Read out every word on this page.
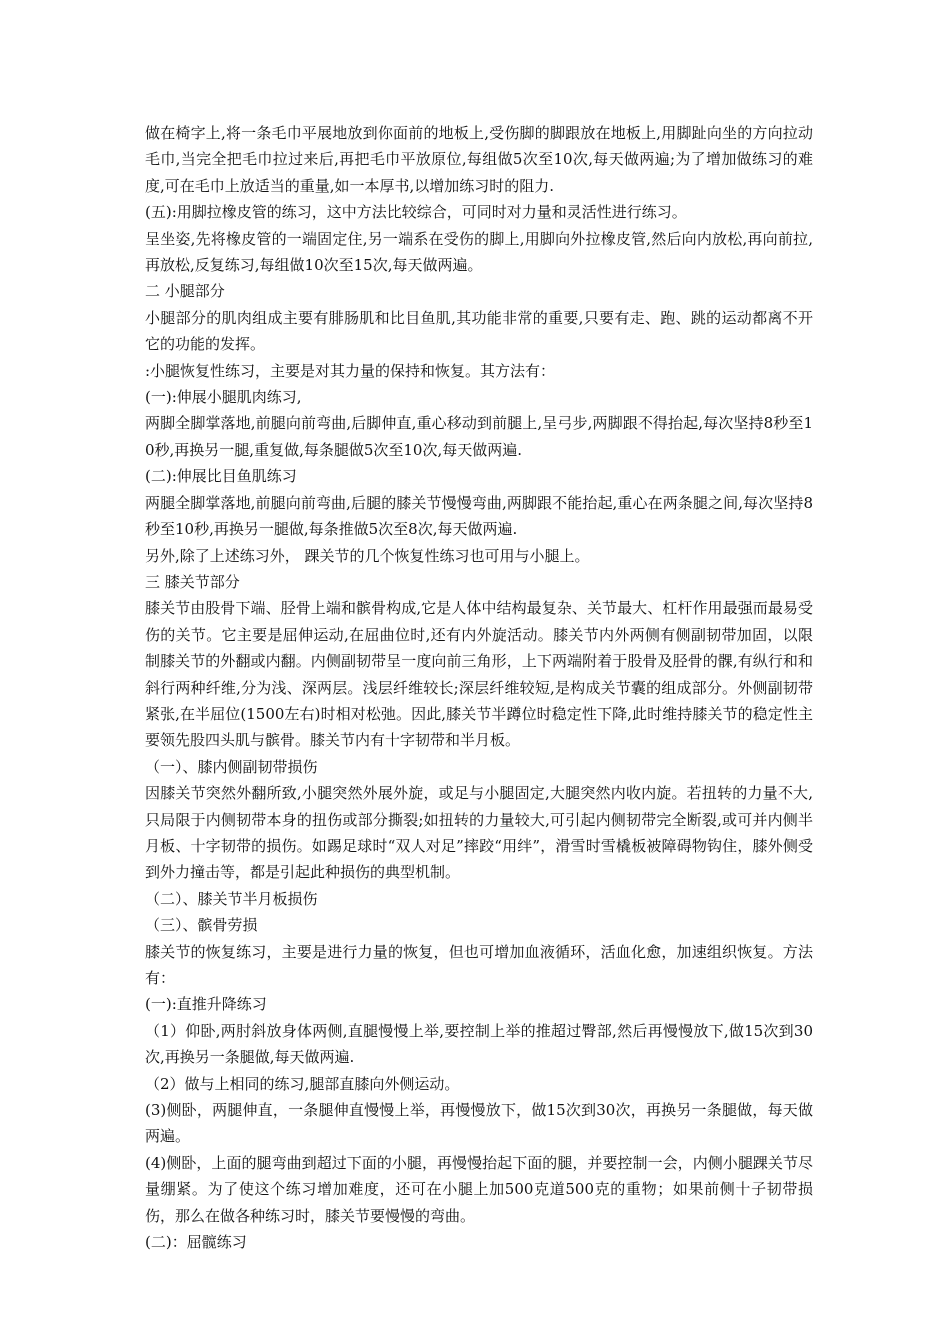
做在椅字上,将一条毛巾平展地放到你面前的地板上,受伤脚的脚跟放在地板上,用脚趾向坐的方向拉动毛巾,当完全把毛巾拉过来后,再把毛巾平放原位,每组做5次至10次,每天做两遍;为了增加做练习的难度,可在毛巾上放适当的重量,如一本厚书,以增加练习时的阻力.

(五):用脚拉橡皮管的练习，这中方法比较综合，可同时对力量和灵活性进行练习。

呈坐姿,先将橡皮管的一端固定住,另一端系在受伤的脚上,用脚向外拉橡皮管,然后向内放松,再向前拉,再放松,反复练习,每组做10次至15次,每天做两遍。

二 小腿部分

小腿部分的肌肉组成主要有腓肠肌和比目鱼肌,其功能非常的重要,只要有走、跑、跳的运动都离不开它的功能的发挥。

:小腿恢复性练习，主要是对其力量的保持和恢复。其方法有：

(一):伸展小腿肌肉练习,

两脚全脚掌落地,前腿向前弯曲,后脚伸直,重心移动到前腿上,呈弓步,两脚跟不得抬起,每次坚持8秒至10秒,再换另一腿,重复做,每条腿做5次至10次,每天做两遍.

(二):伸展比目鱼肌练习

两腿全脚掌落地,前腿向前弯曲,后腿的膝关节慢慢弯曲,两脚跟不能抬起,重心在两条腿之间,每次坚持8秒至10秒,再换另一腿做,每条推做5次至8次,每天做两遍.

另外,除了上述练习外， 踝关节的几个恢复性练习也可用与小腿上。

三 膝关节部分

膝关节由股骨下端、胫骨上端和髌骨构成,它是人体中结构最复杂、关节最大、杠杆作用最强而最易受伤的关节。它主要是屈伸运动,在屈曲位时,还有内外旋活动。膝关节内外两侧有侧副韧带加固，以限制膝关节的外翻或内翻。内侧副韧带呈一度向前三角形，上下两端附着于股骨及胫骨的髁,有纵行和和斜行两种纤维,分为浅、深两层。浅层纤维较长;深层纤维较短,是构成关节囊的组成部分。外侧副韧带紧张,在半屈位(1500左右)时相对松弛。因此,膝关节半蹲位时稳定性下降,此时维持膝关节的稳定性主要领先股四头肌与髌骨。膝关节内有十字韧带和半月板。

（一）、膝内侧副韧带损伤

因膝关节突然外翻所致,小腿突然外展外旋，或足与小腿固定,大腿突然内收内旋。若扭转的力量不大,只局限于内侧韧带本身的扭伤或部分撕裂;如扭转的力量较大,可引起内侧韧带完全断裂,或可并内侧半月板、十字韧带的损伤。如踢足球时“双人对足”摔跤“用绊”，滑雪时雪橇板被障碍物钩住，膝外侧受到外力撞击等，都是引起此种损伤的典型机制。

（二）、膝关节半月板损伤

（三）、髌骨劳损

膝关节的恢复练习，主要是进行力量的恢复，但也可增加血液循环，活血化愈，加速组织恢复。方法有：

(一):直推升降练习

（1）仰卧,两肘斜放身体两侧,直腿慢慢上举,要控制上举的推超过臀部,然后再慢慢放下,做15次到30次,再换另一条腿做,每天做两遍.

（2）做与上相同的练习,腿部直膝向外侧运动。

(3)侧卧，两腿伸直，一条腿伸直慢慢上举，再慢慢放下，做15次到30次，再换另一条腿做，每天做两遍。

(4)侧卧，上面的腿弯曲到超过下面的小腿，再慢慢抬起下面的腿，并要控制一会，内侧小腿踝关节尽量绷紧。为了使这个练习增加难度，还可在小腿上加500克道500克的重物；如果前侧十子韧带损伤，那么在做各种练习时，膝关节要慢慢的弯曲。

(二)：屈髋练习
